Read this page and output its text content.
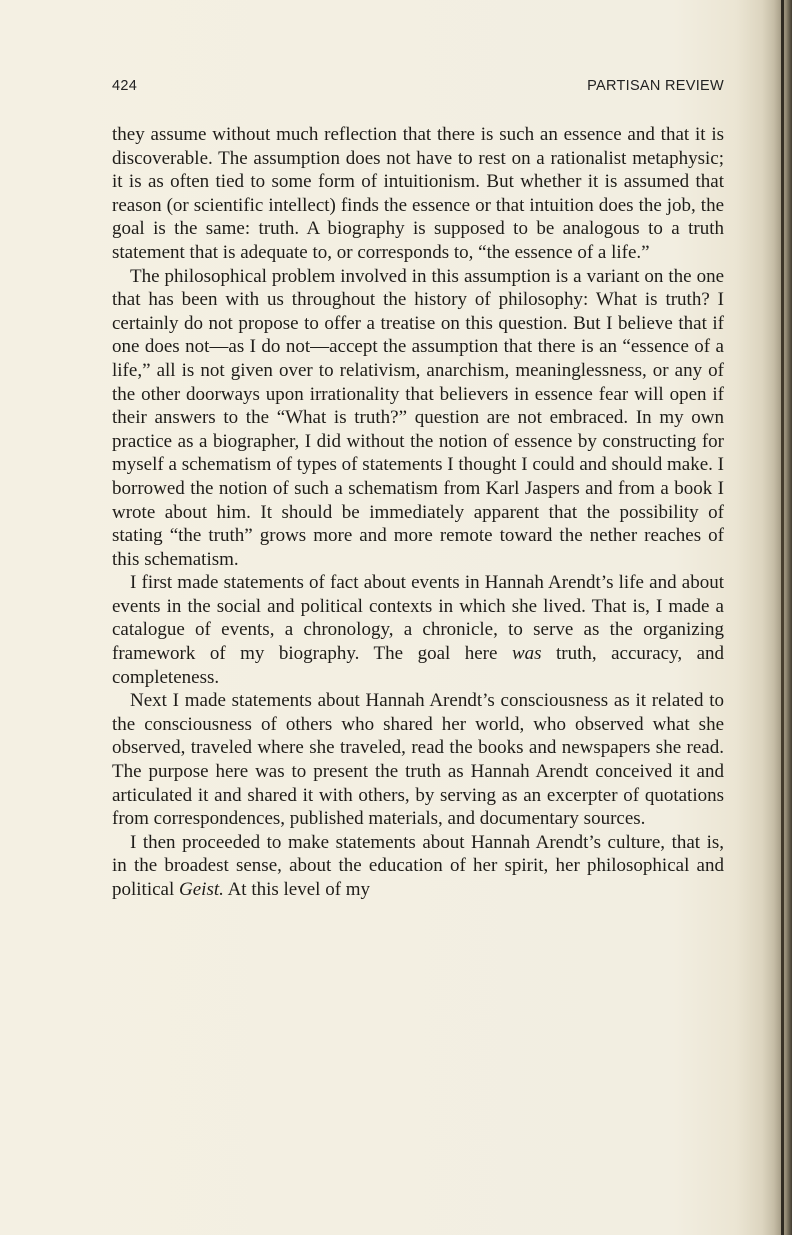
424	PARTISAN REVIEW

they assume without much reflection that there is such an essence and that it is discoverable. The assumption does not have to rest on a rationalist metaphysic; it is as often tied to some form of intuitionism. But whether it is assumed that reason (or scientific intellect) finds the essence or that intuition does the job, the goal is the same: truth. A biography is supposed to be analogous to a truth statement that is adequate to, or corresponds to, “the essence of a life.”

The philosophical problem involved in this assumption is a variant on the one that has been with us throughout the history of philosophy: What is truth? I certainly do not propose to offer a treatise on this question. But I believe that if one does not—as I do not—accept the assumption that there is an “essence of a life,” all is not given over to relativism, anarchism, meaninglessness, or any of the other doorways upon irrationality that believers in essence fear will open if their answers to the “What is truth?” question are not embraced. In my own practice as a biographer, I did without the notion of essence by constructing for myself a schematism of types of statements I thought I could and should make. I borrowed the notion of such a schematism from Karl Jaspers and from a book I wrote about him. It should be immediately apparent that the possibility of stating “the truth” grows more and more remote toward the nether reaches of this schematism.

I first made statements of fact about events in Hannah Arendt’s life and about events in the social and political contexts in which she lived. That is, I made a catalogue of events, a chronology, a chronicle, to serve as the organizing framework of my biography. The goal here was truth, accuracy, and completeness.

Next I made statements about Hannah Arendt’s consciousness as it related to the consciousness of others who shared her world, who observed what she observed, traveled where she traveled, read the books and newspapers she read. The purpose here was to present the truth as Hannah Arendt conceived it and articulated it and shared it with others, by serving as an excerpter of quotations from correspondences, published materials, and documentary sources.

I then proceeded to make statements about Hannah Arendt’s culture, that is, in the broadest sense, about the education of her spirit, her philosophical and political Geist. At this level of my
